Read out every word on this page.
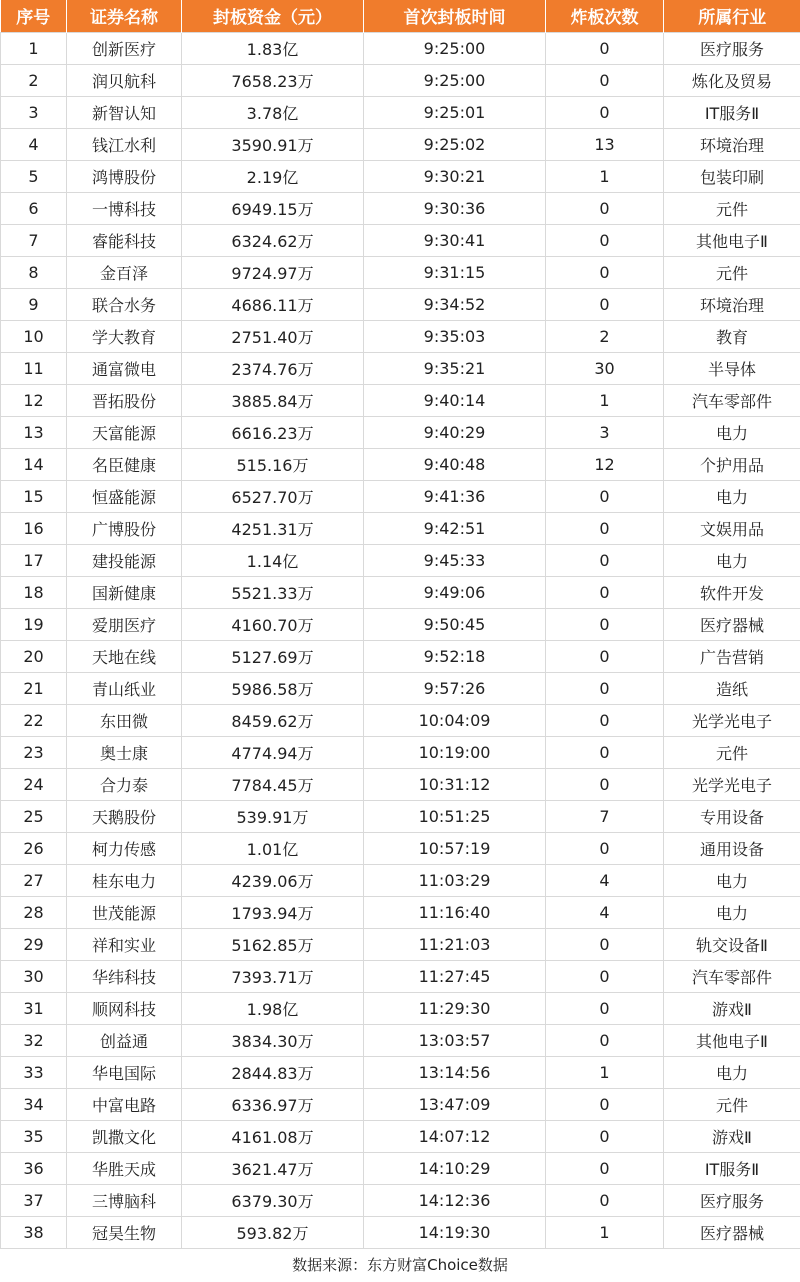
序号	证券名称	封板资金（元）	首次封板时间	炸板次数	所属行业
1	创新医疗	1.83亿	9:25:00	0	医疗服务
2	润贝航科	7658.23万	9:25:00	0	炼化及贸易
3	新智认知	3.78亿	9:25:01	0	IT服务Ⅱ
4	钱江水利	3590.91万	9:25:02	13	环境治理
5	鸿博股份	2.19亿	9:30:21	1	包装印刷
6	一博科技	6949.15万	9:30:36	0	元件
7	睿能科技	6324.62万	9:30:41	0	其他电子Ⅱ
8	金百泽	9724.97万	9:31:15	0	元件
9	联合水务	4686.11万	9:34:52	0	环境治理
10	学大教育	2751.40万	9:35:03	2	教育
11	通富微电	2374.76万	9:35:21	30	半导体
12	晋拓股份	3885.84万	9:40:14	1	汽车零部件
13	天富能源	6616.23万	9:40:29	3	电力
14	名臣健康	515.16万	9:40:48	12	个护用品
15	恒盛能源	6527.70万	9:41:36	0	电力
16	广博股份	4251.31万	9:42:51	0	文娱用品
17	建投能源	1.14亿	9:45:33	0	电力
18	国新健康	5521.33万	9:49:06	0	软件开发
19	爱朋医疗	4160.70万	9:50:45	0	医疗器械
20	天地在线	5127.69万	9:52:18	0	广告营销
21	青山纸业	5986.58万	9:57:26	0	造纸
22	东田微	8459.62万	10:04:09	0	光学光电子
23	奥士康	4774.94万	10:19:00	0	元件
24	合力泰	7784.45万	10:31:12	0	光学光电子
25	天鹅股份	539.91万	10:51:25	7	专用设备
26	柯力传感	1.01亿	10:57:19	0	通用设备
27	桂东电力	4239.06万	11:03:29	4	电力
28	世茂能源	1793.94万	11:16:40	4	电力
29	祥和实业	5162.85万	11:21:03	0	轨交设备Ⅱ
30	华纬科技	7393.71万	11:27:45	0	汽车零部件
31	顺网科技	1.98亿	11:29:30	0	游戏Ⅱ
32	创益通	3834.30万	13:03:57	0	其他电子Ⅱ
33	华电国际	2844.83万	13:14:56	1	电力
34	中富电路	6336.97万	13:47:09	0	元件
35	凯撒文化	4161.08万	14:07:12	0	游戏Ⅱ
36	华胜天成	3621.47万	14:10:29	0	IT服务Ⅱ
37	三博脑科	6379.30万	14:12:36	0	医疗服务
38	冠昊生物	593.82万	14:19:30	1	医疗器械
数据来源：东方财富Choice数据
